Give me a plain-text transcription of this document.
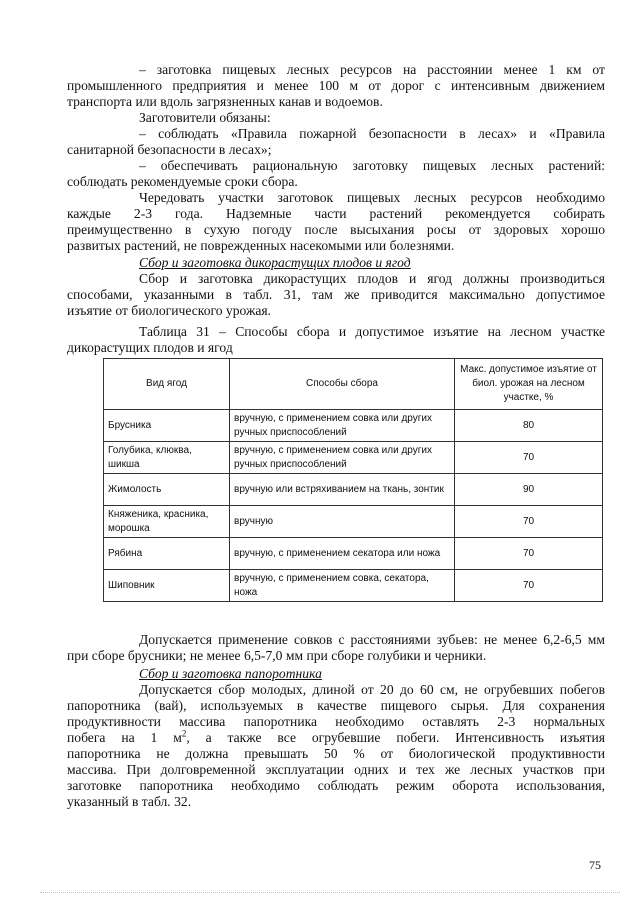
– заготовка пищевых лесных ресурсов на расстоянии менее 1 км от
промышленного предприятия и менее 100 м от дорог с интенсивным движением
транспорта или вдоль загрязненных канав и водоемов.
Заготовители обязаны:
– соблюдать «Правила пожарной безопасности в лесах» и «Правила
санитарной безопасности в лесах»;
– обеспечивать рациональную заготовку пищевых лесных растений:
соблюдать рекомендуемые сроки сбора.
Чередовать участки заготовок пищевых лесных ресурсов необходимо
каждые 2-3 года. Надземные части растений рекомендуется собирать
преимущественно в сухую погоду после высыхания росы от здоровых хорошо
развитых растений, не поврежденных насекомыми или болезнями.
Сбор и заготовка дикорастущих плодов и ягод
Сбор и заготовка дикорастущих плодов и ягод должны производиться
способами, указанными в табл. 31, там же приводится максимально допустимое
изъятие от биологического урожая.
Таблица 31 – Способы сбора и допустимое изъятие на лесном участке
дикорастущих плодов и ягод
Вид ягод	Способы сбора	Макс. допустимое изъятие от биол. урожая на лесном участке, %
Брусника	вручную, с применением совка или других ручных приспособлений	80
Голубика, клюква, шикша	вручную, с применением совка или других ручных приспособлений	70
Жимолость	вручную или встряхиванием на ткань, зонтик	90
Княженика, красника, морошка	вручную	70
Рябина	вручную, с применением секатора или ножа	70
Шиповник	вручную, с применением совка, секатора, ножа	70
Допускается применение совков с расстояниями зубьев: не менее 6,2-6,5 мм
при сборе брусники; не менее 6,5-7,0 мм при сборе голубики и черники.
Сбор и заготовка папоротника
Допускается сбор молодых, длиной от 20 до 60 см, не огрубевших побегов
папоротника (вай), используемых в качестве пищевого сырья. Для сохранения
продуктивности массива папоротника необходимо оставлять 2-3 нормальных
побега на 1 $м^2$, а также все огрубевшие побеги. Интенсивность изъятия
папоротника не должна превышать 50 % от биологической продуктивности
массива. При долговременной эксплуатации одних и тех же лесных участков при
заготовке папоротника необходимо соблюдать режим оборота использования,
указанный в табл. 32.
75
